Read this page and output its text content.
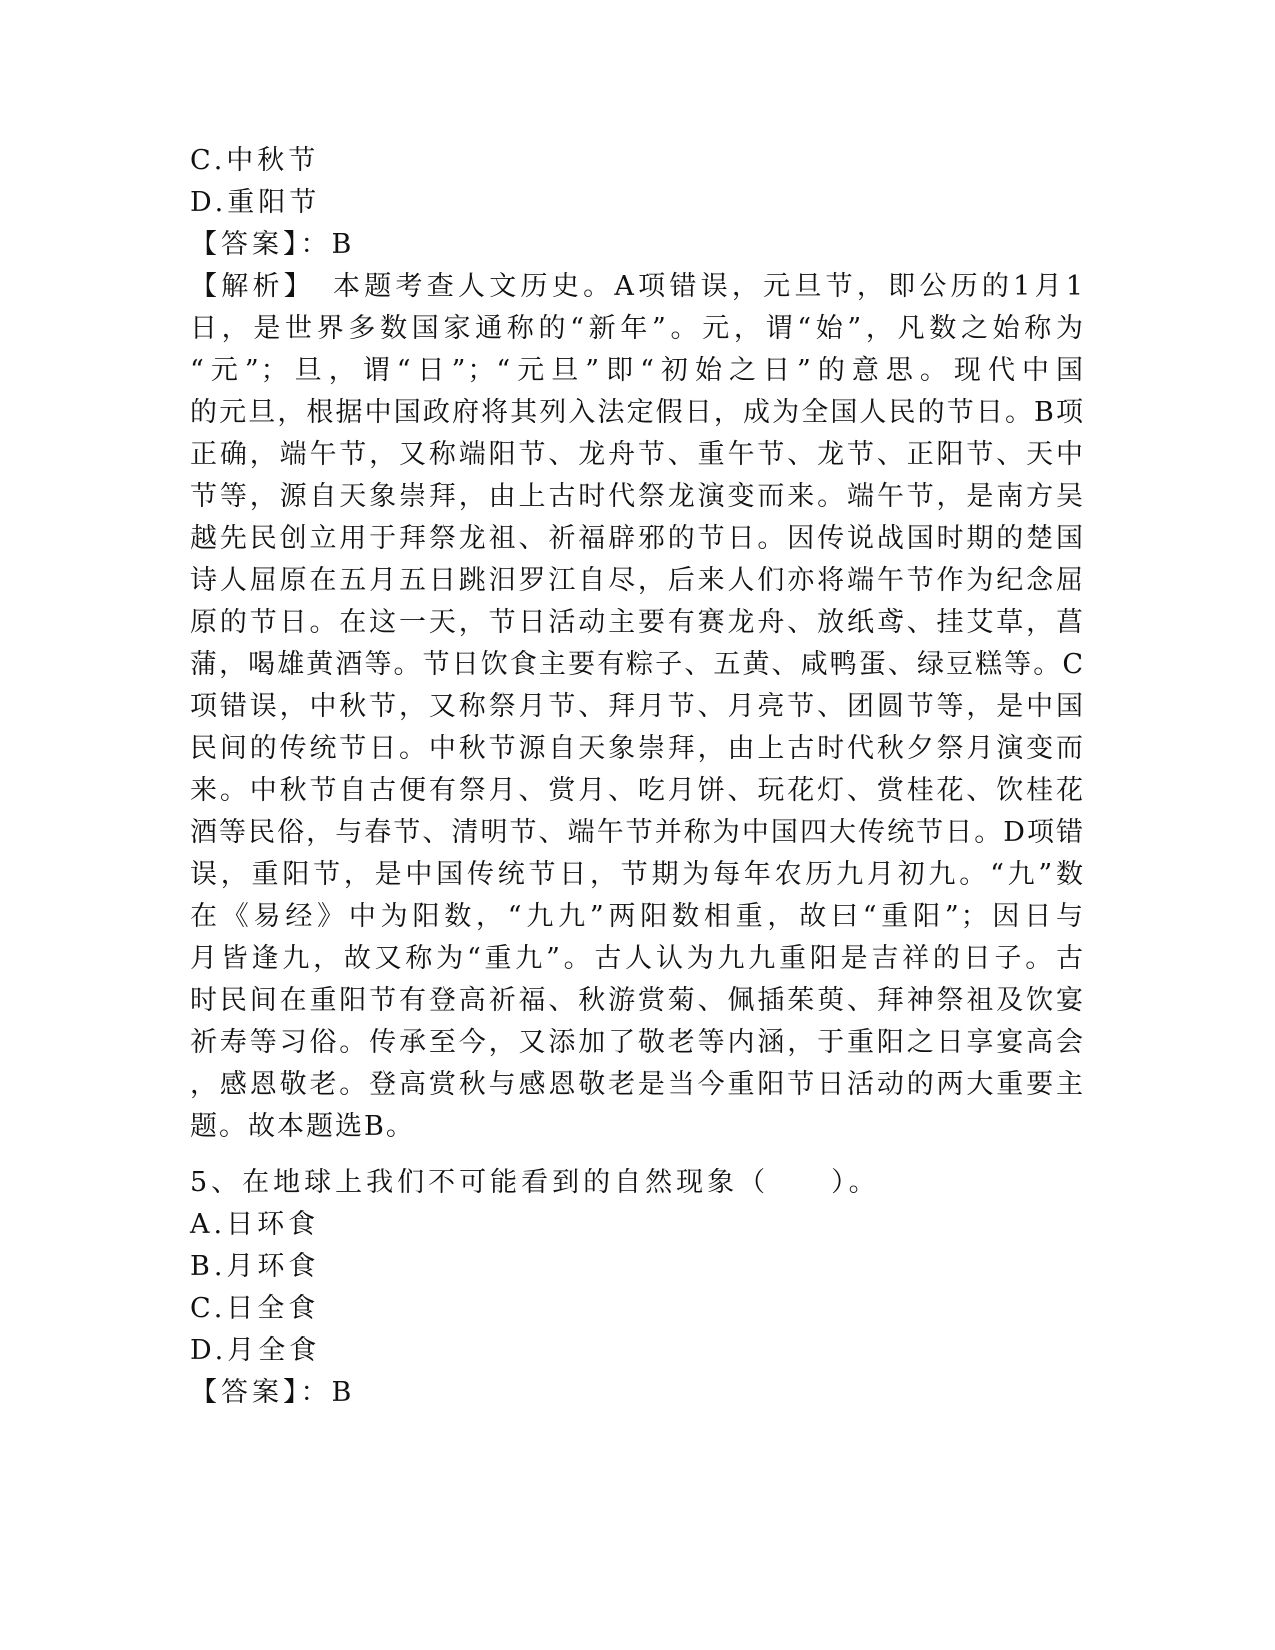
C.中秋节
D.重阳节
【答案】：B
【解析】 本题考查人文历史。A项错误，元旦节，即公历的1月1
日，是世界多数国家通称的“新年”。元，谓“始”，凡数之始称为
“元”；旦，谓“日”；“元旦”即“初始之日”的意思。现代中国
的元旦，根据中国政府将其列入法定假日，成为全国人民的节日。B项
正确，端午节，又称端阳节、龙舟节、重午节、龙节、正阳节、天中
节等，源自天象崇拜，由上古时代祭龙演变而来。端午节，是南方吴
越先民创立用于拜祭龙祖、祈福辟邪的节日。因传说战国时期的楚国
诗人屈原在五月五日跳汨罗江自尽，后来人们亦将端午节作为纪念屈
原的节日。在这一天，节日活动主要有赛龙舟、放纸鸢、挂艾草，菖
蒲，喝雄黄酒等。节日饮食主要有粽子、五黄、咸鸭蛋、绿豆糕等。C
项错误，中秋节，又称祭月节、拜月节、月亮节、团圆节等，是中国
民间的传统节日。中秋节源自天象崇拜，由上古时代秋夕祭月演变而
来。中秋节自古便有祭月、赏月、吃月饼、玩花灯、赏桂花、饮桂花
酒等民俗，与春节、清明节、端午节并称为中国四大传统节日。D项错
误，重阳节，是中国传统节日，节期为每年农历九月初九。“九”数
在《易经》中为阳数，“九九”两阳数相重，故曰“重阳”；因日与
月皆逢九，故又称为“重九”。古人认为九九重阳是吉祥的日子。古
时民间在重阳节有登高祈福、秋游赏菊、佩插茱萸、拜神祭祖及饮宴
祈寿等习俗。传承至今，又添加了敬老等内涵，于重阳之日享宴高会
，感恩敬老。登高赏秋与感恩敬老是当今重阳节日活动的两大重要主
题。故本题选B。
5、在地球上我们不可能看到的自然现象（　　）。
A.日环食
B.月环食
C.日全食
D.月全食
【答案】：B
